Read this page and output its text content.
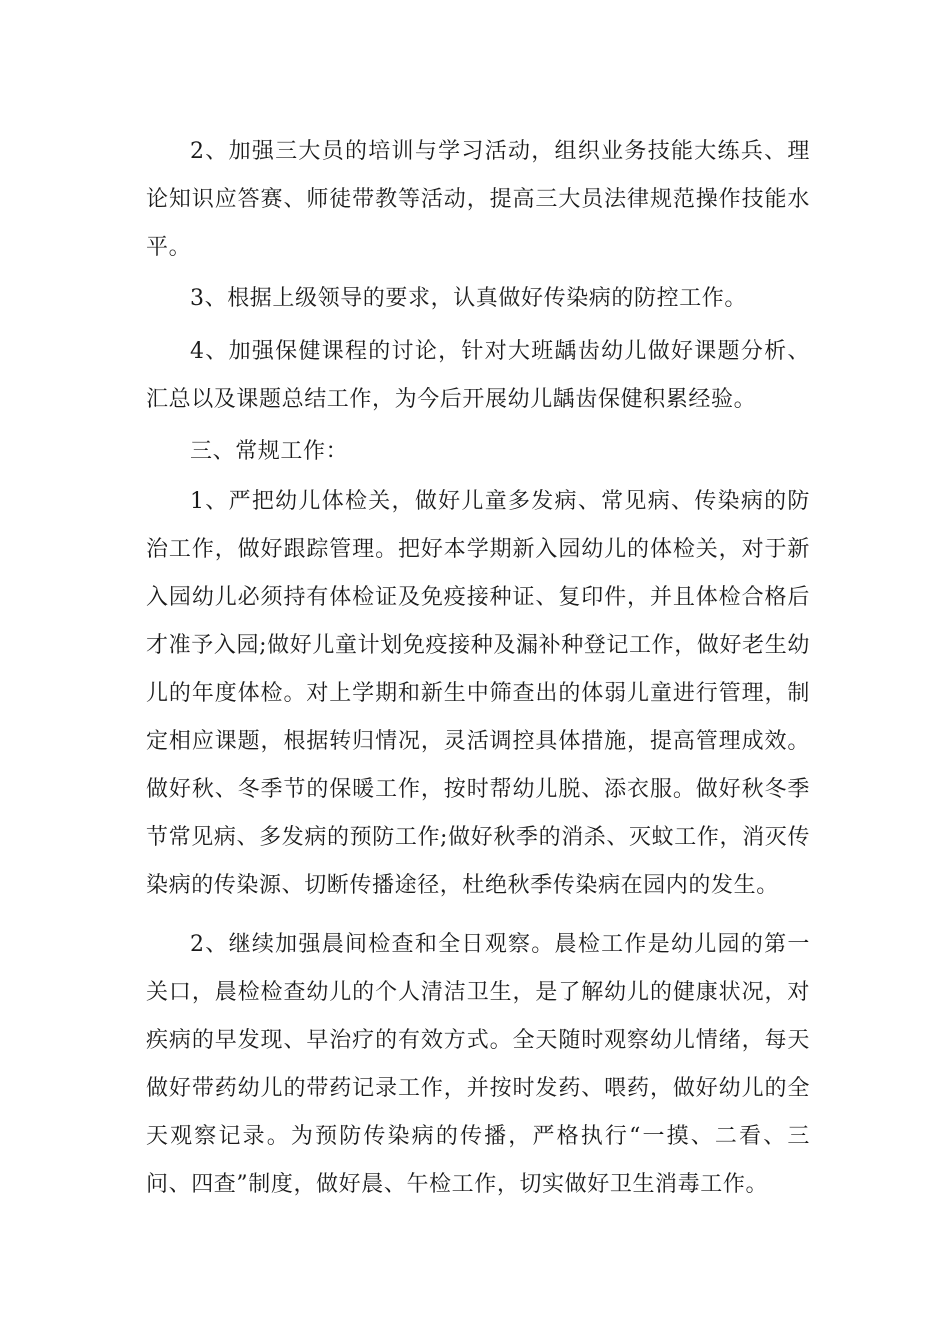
2、加强三大员的培训与学习活动，组织业务技能大练兵、理论知识应答赛、师徒带教等活动，提高三大员法律规范操作技能水平。

3、根据上级领导的要求，认真做好传染病的防控工作。

4、加强保健课程的讨论，针对大班龋齿幼儿做好课题分析、汇总以及课题总结工作，为今后开展幼儿龋齿保健积累经验。

三、常规工作：

1、严把幼儿体检关，做好儿童多发病、常见病、传染病的防治工作，做好跟踪管理。把好本学期新入园幼儿的体检关，对于新入园幼儿必须持有体检证及免疫接种证、复印件，并且体检合格后才准予入园;做好儿童计划免疫接种及漏补种登记工作，做好老生幼儿的年度体检。对上学期和新生中筛查出的体弱儿童进行管理，制定相应课题，根据转归情况，灵活调控具体措施，提高管理成效。做好秋、冬季节的保暖工作，按时帮幼儿脱、添衣服。做好秋冬季节常见病、多发病的预防工作;做好秋季的消杀、灭蚊工作，消灭传染病的传染源、切断传播途径，杜绝秋季传染病在园内的发生。

2、继续加强晨间检查和全日观察。晨检工作是幼儿园的第一关口，晨检检查幼儿的个人清洁卫生，是了解幼儿的健康状况，对疾病的早发现、早治疗的有效方式。全天随时观察幼儿情绪，每天做好带药幼儿的带药记录工作，并按时发药、喂药，做好幼儿的全天观察记录。为预防传染病的传播，严格执行“一摸、二看、三问、四查”制度，做好晨、午检工作，切实做好卫生消毒工作。
